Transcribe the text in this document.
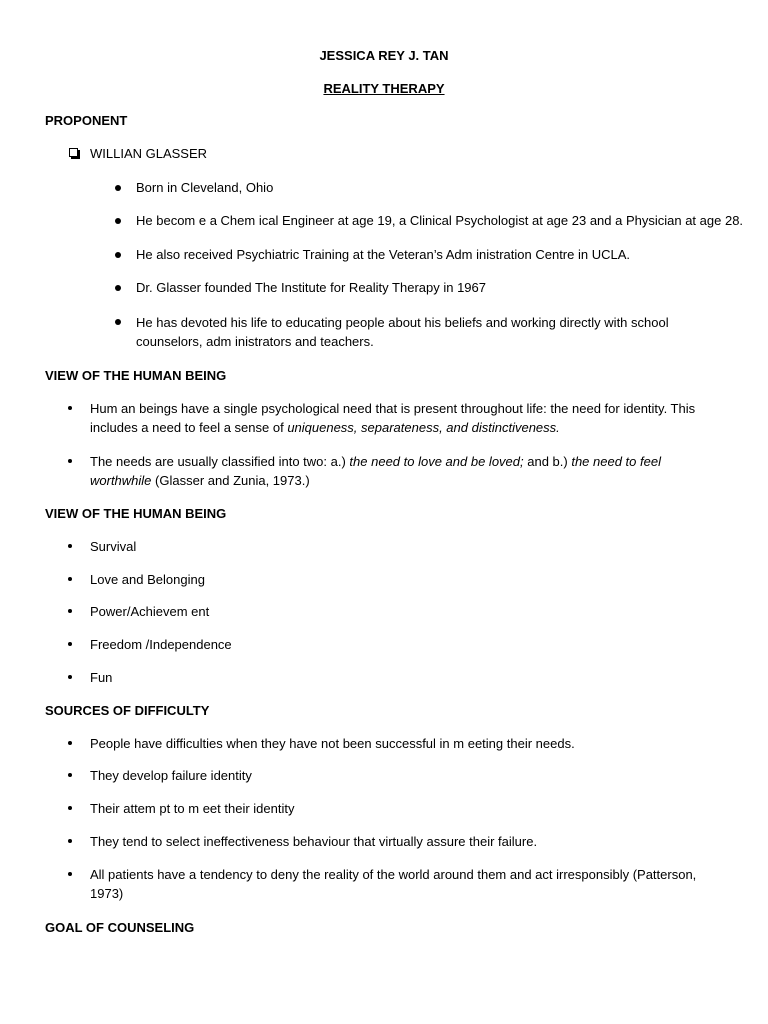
JESSICA REY J. TAN
REALITY THERAPY
PROPONENT
WILLIAN GLASSER
Born in Cleveland, Ohio
He becom e a Chem ical Engineer at age 19, a Clinical Psychologist at age 23 and a Physician at age 28.
He also received Psychiatric Training at the Veteran’s Adm inistration Centre in UCLA.
Dr. Glasser founded The Institute for Reality Therapy in 1967
He has devoted his life to educating people about his beliefs and working directly with school counselors, adm inistrators and teachers.
VIEW OF THE HUMAN BEING
Hum an beings have a single psychological need that is present throughout life: the need for identity. This includes a need to feel a sense of uniqueness, separateness, and distinctiveness.
The needs are usually classified into two: a.) the need to love and be loved; and b.) the need to feel worthwhile (Glasser and Zunia, 1973.)
VIEW OF THE HUMAN BEING
Survival
Love and Belonging
Power/Achievem ent
Freedom /Independence
Fun
SOURCES OF DIFFICULTY
People have difficulties when they have not been successful in m eeting their needs.
They develop failure identity
Their attem pt to m eet their identity
They tend to select ineffectiveness behaviour that virtually assure their failure.
All patients have a tendency to deny the reality of the world around them and act irresponsibly (Patterson, 1973)
GOAL OF COUNSELING
